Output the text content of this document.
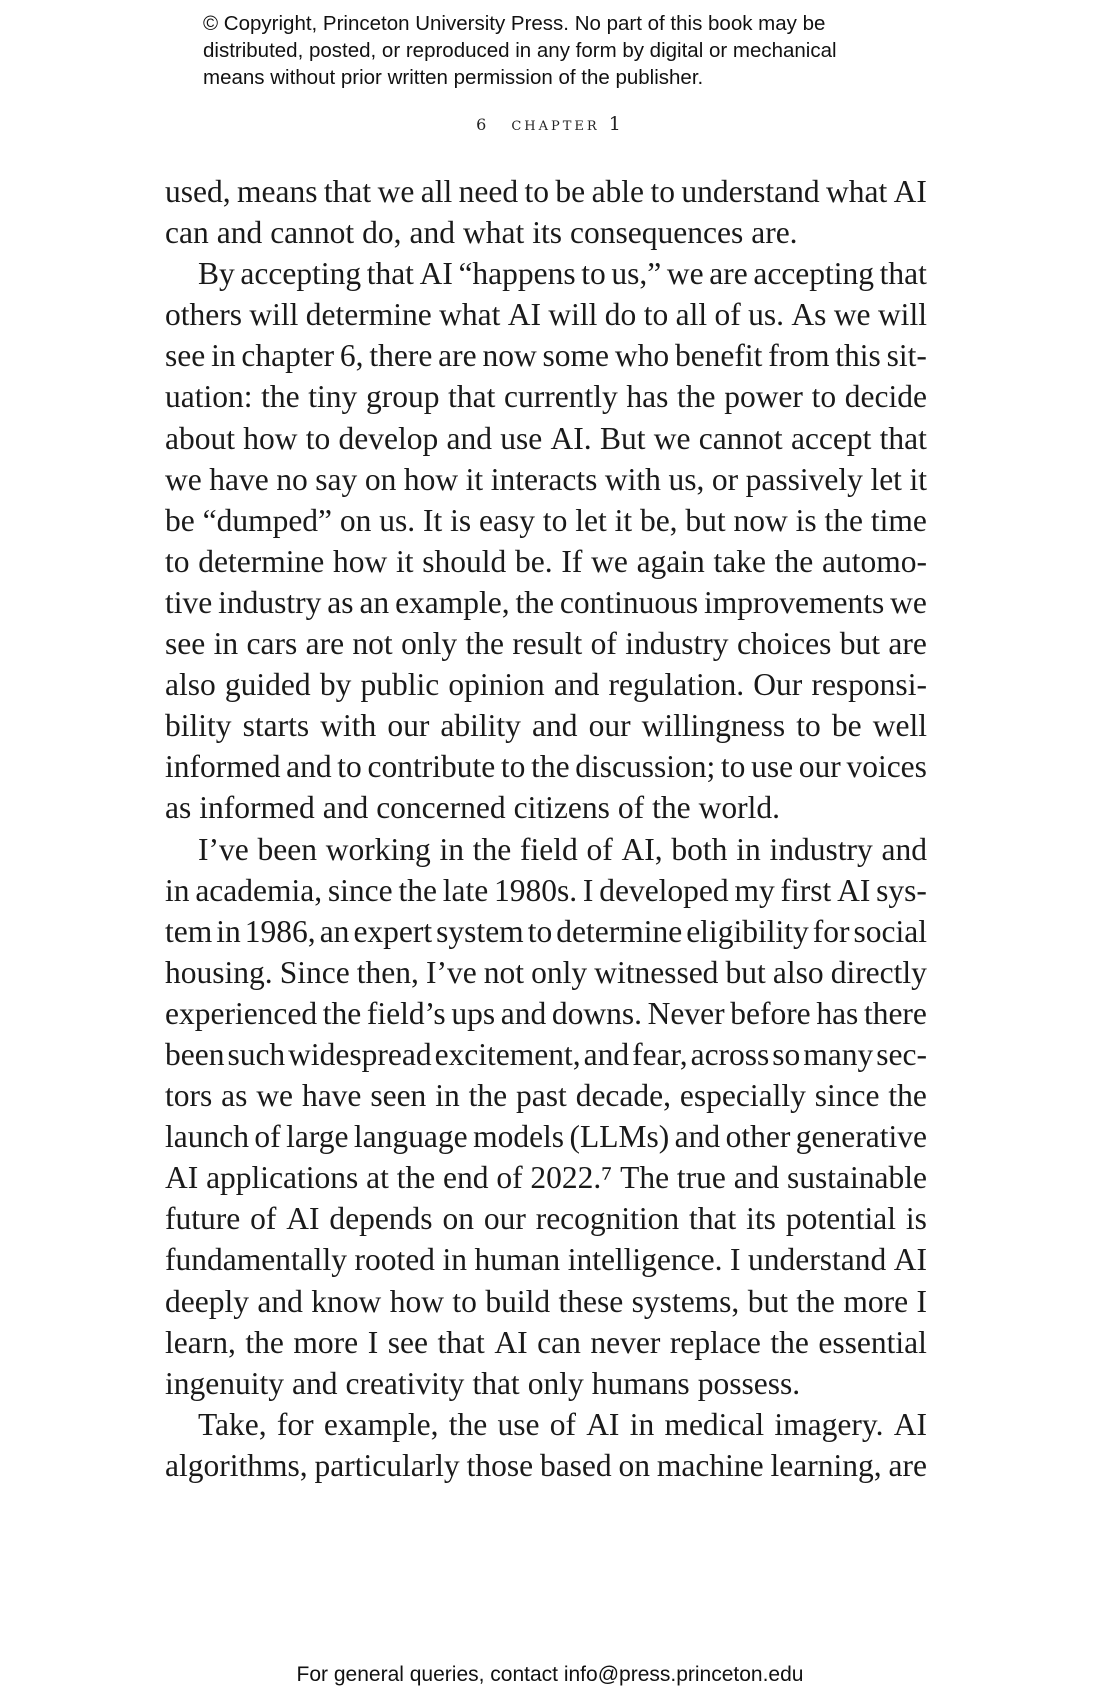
© Copyright, Princeton University Press. No part of this book may be
distributed, posted, or reproduced in any form by digital or mechanical
means without prior written permission of the publisher.
6 chapter 1
used, means that we all need to be able to understand what AI
can and cannot do, and what its consequences are.
By accepting that AI “happens to us,” we are accepting that
others will determine what AI will do to all of us. As we will
see in chapter 6, there are now some who benefit from this sit-
uation: the tiny group that currently has the power to decide
about how to develop and use AI. But we cannot accept that
we have no say on how it interacts with us, or passively let it
be “dumped” on us. It is easy to let it be, but now is the time
to determine how it should be. If we again take the automo-
tive industry as an example, the continuous improvements we
see in cars are not only the result of industry choices but are
also guided by public opinion and regulation. Our responsi-
bility starts with our ability and our willingness to be well
informed and to contribute to the discussion; to use our voices
as informed and concerned citizens of the world.
I’ve been working in the field of AI, both in industry and
in academia, since the late 1980s. I developed my first AI sys-
tem in 1986, an expert system to determine eligibility for social
housing. Since then, I’ve not only witnessed but also directly
experienced the field’s ups and downs. Never before has there
been such widespread excitement, and fear, across so many sec-
tors as we have seen in the past decade, especially since the
launch of large language models (LLMs) and other generative
AI applications at the end of 2022.⁷ The true and sustainable
future of AI depends on our recognition that its potential is
fundamentally rooted in human intelligence. I understand AI
deeply and know how to build these systems, but the more I
learn, the more I see that AI can never replace the essential
ingenuity and creativity that only humans possess.
Take, for example, the use of AI in medical imagery. AI
algorithms, particularly those based on machine learning, are
For general queries, contact info@press.princeton.edu
